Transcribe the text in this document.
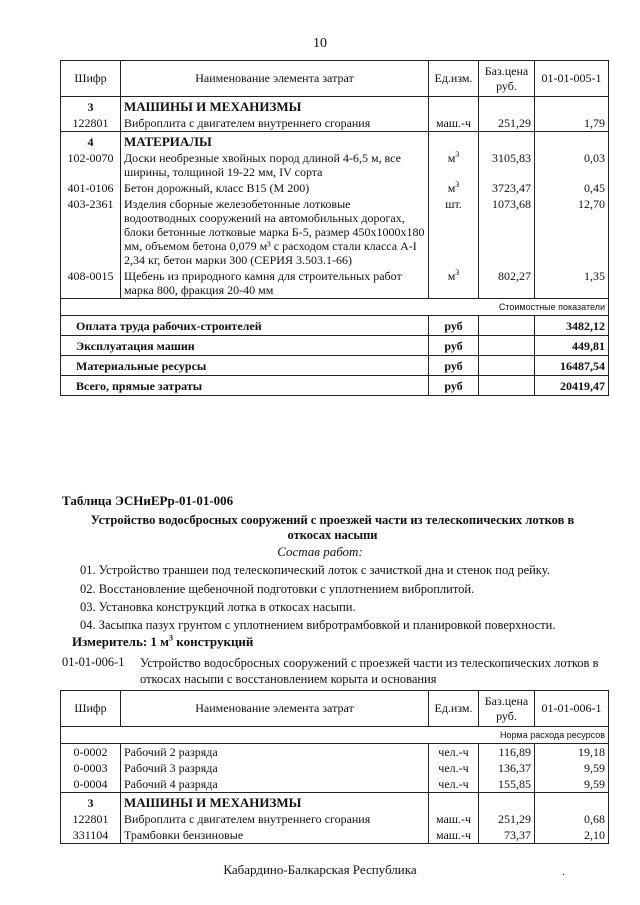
10
Шифр	Наименование элемента затрат	Ед.изм.	Баз.цена руб.	01-01-005-1
3	МАШИНЫ И МЕХАНИЗМЫ			
122801	Виброплита с двигателем внутреннего сгорания	маш.-ч	251,29	1,79
4	МАТЕРИАЛЫ			
102-0070	Доски необрезные хвойных пород длиной 4-6,5 м, все ширины, толщиной 19-22 мм, IV сорта	$м^3$	3105,83	0,03
401-0106	Бетон дорожный, класс В15 (М 200)	$м^3$	3723,47	0,45
403-2361	Изделия сборные железобетонные лотковые водоотводных сооружений на автомобильных дорогах, блоки бетонные лотковые марка Б-5, размер 450x1000x180 мм, объемом бетона 0,079 м³ с расходом стали класса А-I 2,34 кг, бетон марки 300 (СЕРИЯ 3.503.1-66)	шт.	1073,68	12,70
408-0015	Щебень из природного камня для строительных работ марка 800, фракция 20-40 мм	$м^3$	802,27	1,35
Стоимостные показатели				
Оплата труда рабочих-строителей		руб		3482,12
Эксплуатация машин		руб		449,81
Материальные ресурсы		руб		16487,54
Всего, прямые затраты		руб		20419,47
Таблица ЭСНиЕРр-01-01-006
Устройство водосбросных сооружений с проезжей части из телескопических лотков в откосах насыпи
Состав работ:
01. Устройство траншеи под телескопический лоток с зачисткой дна и стенок под рейку.
02. Восстановление щебеночной подготовки с уплотнением виброплитой.
03. Установка конструкций лотка в откосах насыпи.
04. Засыпка пазух грунтом с уплотнением вибротрамбовкой и планировкой поверхности.
Измеритель: 1 $м^3$ конструкций
01-01-006-1 Устройство водосбросных сооружений с проезжей части из телескопических лотков в откосах насыпи с восстановлением корыта и основания
Шифр	Наименование элемента затрат	Ед.изм.	Баз.цена руб.	01-01-006-1
Норма расхода ресурсов				
0-0002	Рабочий 2 разряда	чел.-ч	116,89	19,18
0-0003	Рабочий 3 разряда	чел.-ч	136,37	9,59
0-0004	Рабочий 4 разряда	чел.-ч	155,85	9,59
3	МАШИНЫ И МЕХАНИЗМЫ			
122801	Виброплита с двигателем внутреннего сгорания	маш.-ч	251,29	0,68
331104	Трамбовки бензиновые	маш.-ч	73,37	2,10
Кабардино-Балкарская Республика	.
